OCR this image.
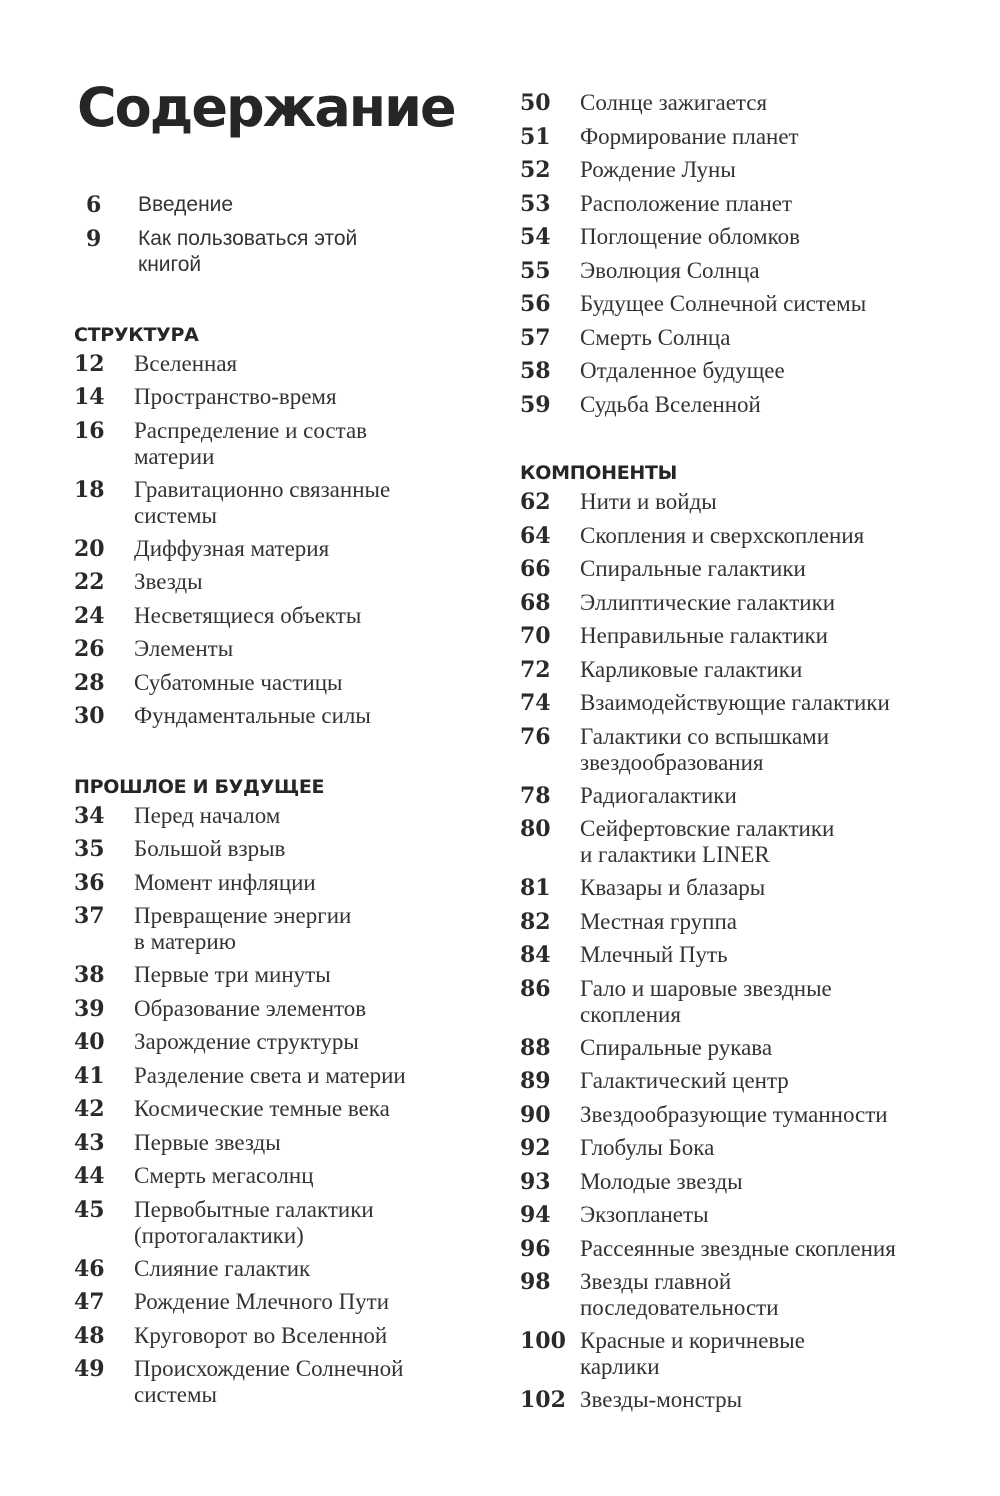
Содержание
6	Введение
9	Как пользоваться этой
книгой
СТРУКТУРА
12	Вселенная
14	Пространство-время
16	Распределение и состав
материи
18	Гравитационно связанные
системы
20	Диффузная материя
22	Звезды
24	Несветящиеся объекты
26	Элементы
28	Субатомные частицы
30	Фундаментальные силы
ПРОШЛОЕ И БУДУЩЕЕ
34	Перед началом
35	Большой взрыв
36	Момент инфляции
37	Превращение энергии
в материю
38	Первые три минуты
39	Образование элементов
40	Зарождение структуры
41	Разделение света и материи
42	Космические темные века
43	Первые звезды
44	Смерть мегасолнц
45	Первобытные галактики
(протогалактики)
46	Слияние галактик
47	Рождение Млечного Пути
48	Круговорот во Вселенной
49	Происхождение Солнечной
системы
50	Солнце зажигается
51	Формирование планет
52	Рождение Луны
53	Расположение планет
54	Поглощение обломков
55	Эволюция Солнца
56	Будущее Солнечной системы
57	Смерть Солнца
58	Отдаленное будущее
59	Судьба Вселенной
КОМПОНЕНТЫ
62	Нити и войды
64	Скопления и сверхскопления
66	Спиральные галактики
68	Эллиптические галактики
70	Неправильные галактики
72	Карликовые галактики
74	Взаимодействующие галактики
76	Галактики со вспышками
звездообразования
78	Радиогалактики
80	Сейфертовские галактики
и галактики LINER
81	Квазары и блазары
82	Местная группа
84	Млечный Путь
86	Гало и шаровые звездные
скопления
88	Спиральные рукава
89	Галактический центр
90	Звездообразующие туманности
92	Глобулы Бока
93	Молодые звезды
94	Экзопланеты
96	Рассеянные звездные скопления
98	Звезды главной
последовательности
100 Красные и коричневые
карлики
102 Звезды-монстры
